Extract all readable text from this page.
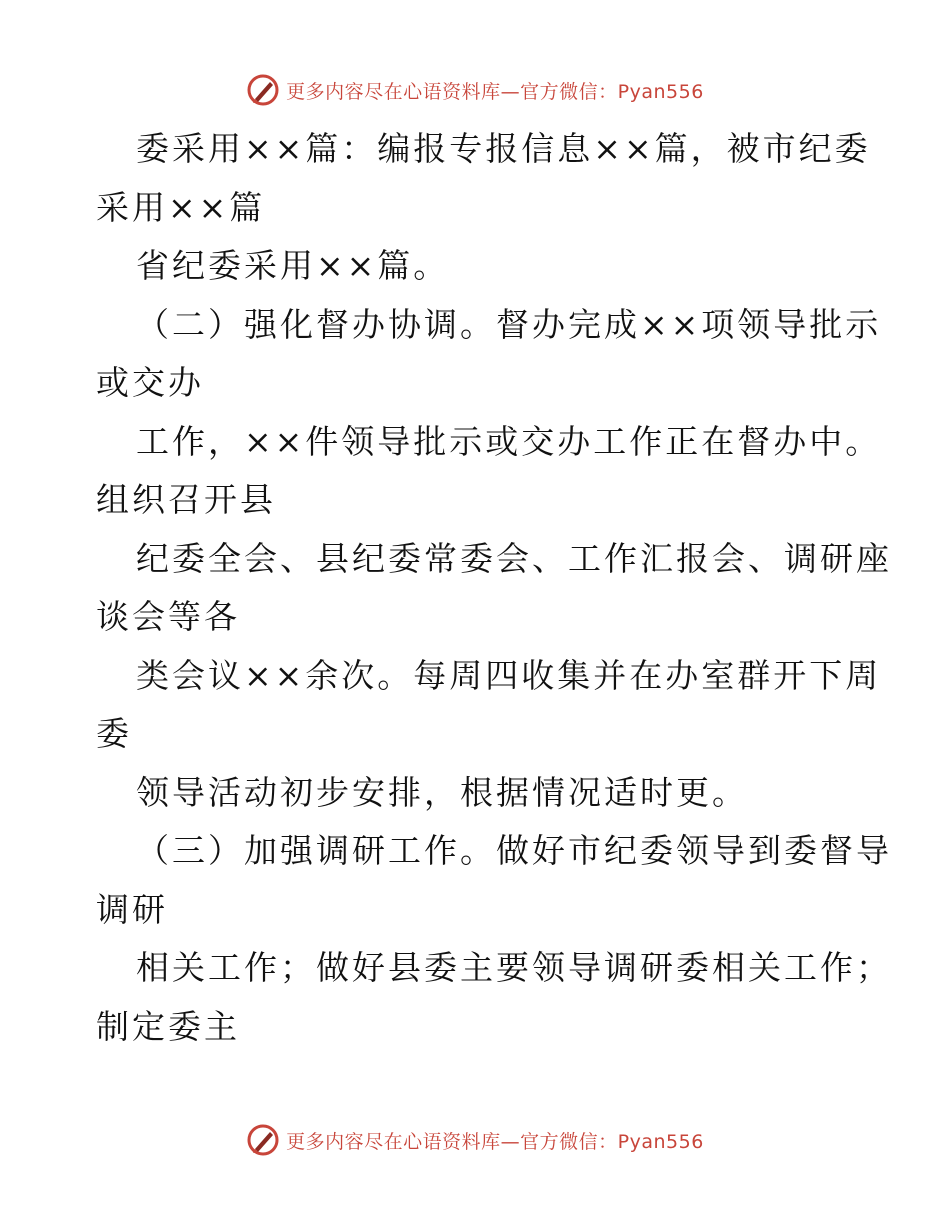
更多内容尽在心语资料库—官方微信：Pyan556
委采用××篇：编报专报信息××篇，被市纪委
采用××篇
省纪委采用××篇。
（二）强化督办协调。督办完成××项领导批示
或交办
工作，××件领导批示或交办工作正在督办中。
组织召开县
纪委全会、县纪委常委会、工作汇报会、调研座
谈会等各
类会议××余次。每周四收集并在办室群开下周
委
领导活动初步安排，根据情况适时更。
（三）加强调研工作。做好市纪委领导到委督导
调研
相关工作；做好县委主要领导调研委相关工作；
制定委主
更多内容尽在心语资料库—官方微信：Pyan556
